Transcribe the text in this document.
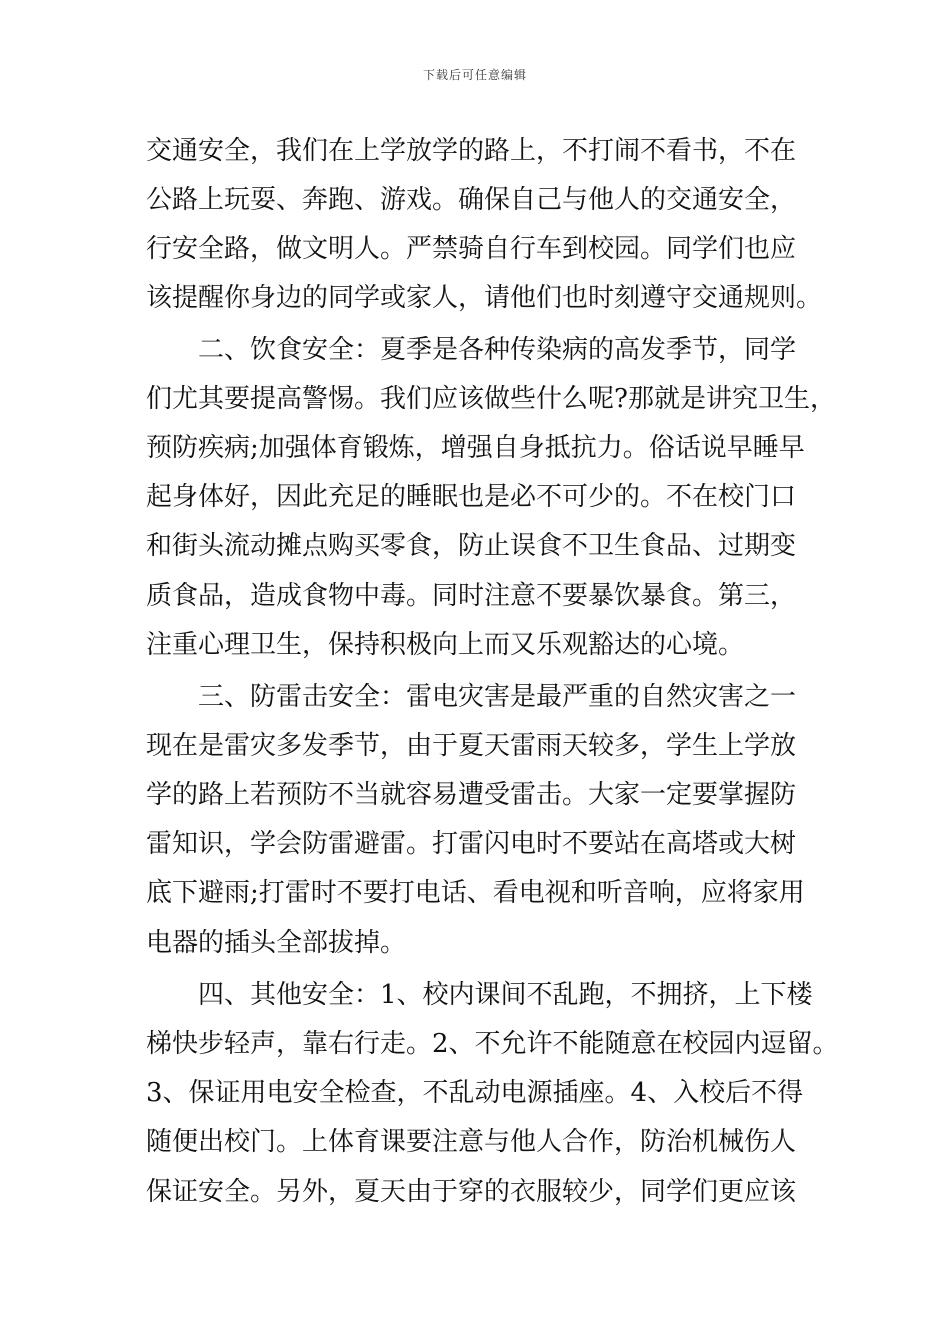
下载后可任意编辑
交通安全，我们在上学放学的路上，不打闹不看书，不在
公路上玩耍、奔跑、游戏。确保自己与他人的交通安全，
行安全路，做文明人。严禁骑自行车到校园。同学们也应
该提醒你身边的同学或家人，请他们也时刻遵守交通规则。
　　二、饮食安全：夏季是各种传染病的高发季节，同学
们尤其要提高警惕。我们应该做些什么呢?那就是讲究卫生，
预防疾病;加强体育锻炼，增强自身抵抗力。俗话说早睡早
起身体好，因此充足的睡眠也是必不可少的。不在校门口
和街头流动摊点购买零食，防止误食不卫生食品、过期变
质食品，造成食物中毒。同时注意不要暴饮暴食。第三，
注重心理卫生，保持积极向上而又乐观豁达的心境。
　　三、防雷击安全：雷电灾害是最严重的自然灾害之一
现在是雷灾多发季节，由于夏天雷雨天较多，学生上学放
学的路上若预防不当就容易遭受雷击。大家一定要掌握防
雷知识，学会防雷避雷。打雷闪电时不要站在高塔或大树
底下避雨;打雷时不要打电话、看电视和听音响，应将家用
电器的插头全部拔掉。
　　四、其他安全：1、校内课间不乱跑，不拥挤，上下楼
梯快步轻声，靠右行走。2、不允许不能随意在校园内逗留。
3、保证用电安全检查，不乱动电源插座。4、入校后不得
随便出校门。上体育课要注意与他人合作，防治机械伤人
保证安全。另外，夏天由于穿的衣服较少，同学们更应该
